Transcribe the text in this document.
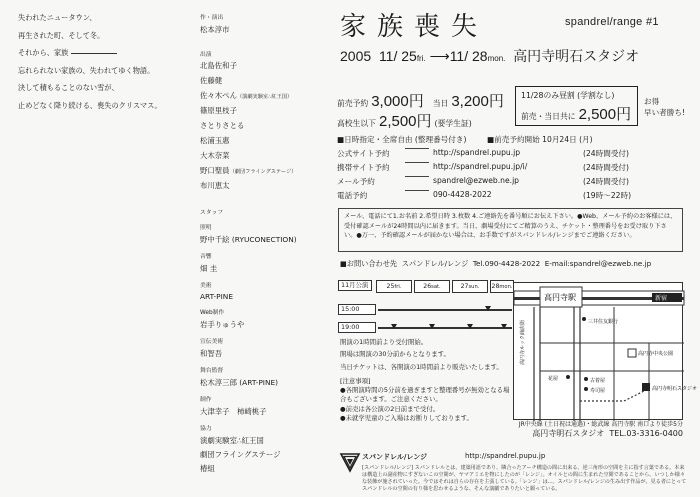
失われたニュータウン、
再生された町、そして冬。
それから、家族
忘れられない家族の、失われてゆく物語。
決して積もることのない雪が、
止めどなく降り続ける、喪失のクリスマス。
作・演出
松本淳市
出演
北島佐和子
佐藤健
佐々木ぺん（演劇実験室∴紅王国）
篠原里枝子
さとりさとる
松浦玉惠
大木奈菜
野口聖員（劇団フライングステージ）
布川恵太
スタッフ
照明
野中千絵 (RYUCONECTION)
音響
畑 圭
美術
ART-PINE
Web制作
岩手りゅうや
宣伝美術
和智吾
舞台監督
松木淳三郎 (ART-PINE)
制作
大津幸子　柿崎桃子
協力
演劇実験室∴紅王国
劇団フライングステージ
椿組
家族喪失	spandrel/range #1
2005 11/ 25fri. ⟶11/ 28mon. 高円寺明石スタジオ
前売予約 3,000円 当日 3,200円
高校生以下 2,500円 (要学生証)
11/28のみ昼割 (学割なし)
前売・当日共に 2,500円
お得
早い者勝ち!
■日時指定・全席自由 (整理番号付き)	■前売予約開始 10月24日 (月)
公式サイト予約	http://spandrel.pupu.jp	(24時間受付)
携帯サイト予約	http://spandrel.pupu.jp/i/	(24時間受付)
メール予約	spandrel@ezweb.ne.jp	(24時間受付)
電話予約	090-4428-2022	(19時～22時)
メール、電話にて1.お名前 2.希望日時 3.枚数 4.ご連絡先を番号順にお伝え下さい。●Web、メール予約のお客様には、受付確認メールが24時間以内に届きます。当日、劇場受付にてご精算のうえ、チケット・整理番号をお受け取り下さい。●万一、予約確認メールが届かない場合は、お手数ですがスパンドレル/レンジまでご連絡ください。
■お問い合わせ先 スパンドレル/レンジ Tel.090-4428-2022 E-mail:spandrel@ezweb.ne.jp
11月公演	25fri.	26sat.	27sun.	28mon.
15:00
19:00
開演の1時間前より受付開始。
開場は開演の30分前からとなります。
当日チケットは、各開演の1時間前より販売いたします。
[注意事項]
●各開演時間の5分前を過ぎますと整理番号が無効となる場合もございます。ご注意ください。
●前売は各公演の2日前まで受付。
●未就学児童のご入場はお断りしております。
高円寺駅	新宿
高円寺ルック商店街	三井住友銀行
高円寺中央公園
古着屋
花屋
寿司屋	高円寺明石スタジオ
JR中央線 (土日祝は通過)・総武線 高円寺駅 南口より徒歩5分
高円寺明石スタジオ TEL.03-3316-0400
スパンドレル/レンジ	http://spandrel.pupu.jp
[スパンドレル/レンジ] スパンドレルとは、建築用語であり、隣合ったアーチ構造の間に出来る、逆三角形の空間を主に指す言葉である。本来は構造上の副産物にすぎないこの空間が、ヤマアミエを物にしたのが「レンジ」。オイルとの間に生まれた空間であることから、いつしか様々な装飾が施されていった。今ではそれは自らの存在を主張している。「レンジ」は...。スパンドレル/レンジの生み出す作品が、見る者にとってスパンドレルの空間の有り様を思わせるような、そんな演劇でありたいと願っている。
